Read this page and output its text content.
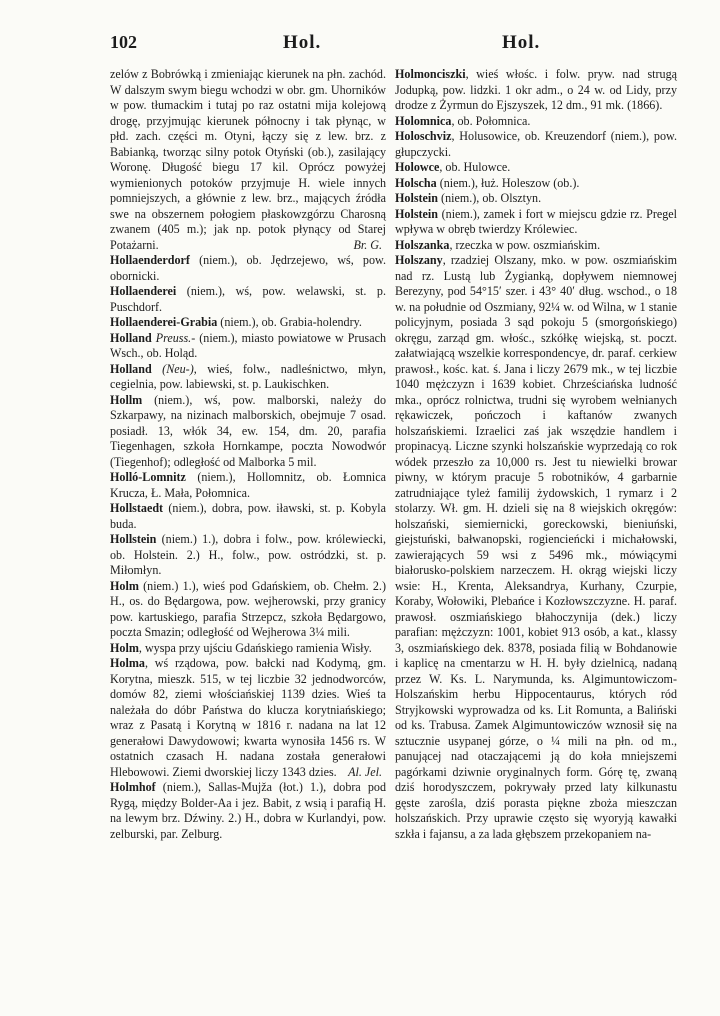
102	Hol.	Hol.

zelów z Bobrówką i zmieniając kierunek na płn. zachód. W dalszym swym biegu wchodzi w obr. gm. Uhorników w pow. tłumackim i tutaj po raz ostatni mija kolejową drogę, przyjmując kierunek północny i tak płynąc, w płd. zach. części m. Otyni, łączy się z lew. brz. z Babianką, tworząc silny potok Otyński (ob.), zasilający Woronę. Długość biegu 17 kil. Oprócz powyżej wymienionych potoków przyjmuje H. wiele innych pomniejszych, a głównie z lew. brz., mających źródła swe na obszernem połogiem płaskowzgórzu Charosną zwanem (405 m.); jak np. potok płynący od Starej Potażarni.	Br. G.

Hollaenderdorf (niem.), ob. Jędrzejewo, wś, pow. obornicki.

Hollaenderei (niem.), wś, pow. welawski, st. p. Puschdorf.

Hollaenderei-Grabia (niem.), ob. Grabia-holendry.

Holland Preuss.- (niem.), miasto powiatowe w Prusach Wsch., ob. Holąd.

Holland (Neu-), wieś, folw., nadleśnictwo, młyn, cegielnia, pow. labiewski, st. p. Laukischken.

Hollm (niem.), wś, pow. malborski, należy do Szkarpawy, na nizinach malborskich, obejmuje 7 osad. posiadł. 13, włók 34, ew. 154, dm. 20, parafia Tiegenhagen, szkoła Hornkampe, poczta Nowodwór (Tiegenhof); odległość od Malborka 5 mil.

Holló-Lomnitz (niem.), Hollomnitz, ob. Łomnica Krucza, Ł. Mała, Połomnica.

Hollstaedt (niem.), dobra, pow. iławski, st. p. Kobyla buda.

Hollstein (niem.) 1.), dobra i folw., pow. królewiecki, ob. Holstein. 2.) H., folw., pow. ostródzki, st. p. Miłomłyn.

Holm (niem.) 1.), wieś pod Gdańskiem, ob. Chełm. 2.) H., os. do Będargowa, pow. wejherowski, przy granicy pow. kartuskiego, parafia Strzepcz, szkoła Będargowo, poczta Smazin; odległość od Wejherowa 3¼ mili.

Holm, wyspa przy ujściu Gdańskiego ramienia Wisły.

Holma, wś rządowa, pow. bałcki nad Kodymą, gm. Korytna, mieszk. 515, w tej liczbie 32 jednodworców, domów 82, ziemi włościańskiej 1139 dzies. Wieś ta należała do dóbr Państwa do klucza korytniańskiego; wraz z Pasatą i Korytną w 1816 r. nadana na lat 12 generałowi Dawydowowi; kwarta wynosiła 1456 rs. W ostatnich czasach H. nadana została generałowi Hlebowowi. Ziemi dworskiej liczy 1343 dzies. Al. Jel.

Holmhof (niem.), Sallas-Mujža (łot.) 1.), dobra pod Rygą, między Bolder-Aa i jez. Babit, z wsią i parafią H. na lewym brz. Dźwiny. 2.) H., dobra w Kurlandyi, pow. zelburski, par. Zelburg.

Holmonciszki, wieś włośc. i folw. pryw. nad strugą Jodupką, pow. lidzki. 1 okr adm., o 24 w. od Lidy, przy drodze z Żyrmun do Ejszyszek, 12 dm., 91 mk. (1866).

Holomnica, ob. Połomnica.

Holoschviz, Holusowice, ob. Kreuzendorf (niem.), pow. głupczycki.

Holowce, ob. Hulowce.

Holscha (niem.), łuż. Holeszow (ob.).

Holstein (niem.), ob. Olsztyn.

Holstein (niem.), zamek i fort w miejscu gdzie rz. Pregel wpływa w obręb twierdzy Królewiec.

Holszanka, rzeczka w pow. oszmiańskim.

Holszany, rzadziej Olszany, mko. w pow. oszmiańskim nad rz. Lustą lub Żygianką, dopływem niemnowej Berezyny, pod 54°15′ szer. i 43° 40′ dług. wschod., o 18 w. na południe od Oszmiany, 92¼ w. od Wilna, w 1 stanie policyjnym, posiada 3 sąd pokoju 5 (smorgońskiego) okręgu, zarząd gm. włośc., szkółkę wiejską, st. poczt. załatwiającą wszelkie korrespondencye, dr. paraf. cerkiew prawosł., kośc. kat. ś. Jana i liczy 2679 mk., w tej liczbie 1040 mężczyzn i 1639 kobiet. Chrześciańska ludność mka., oprócz rolnictwa, trudni się wyrobem wełnianych rękawiczek, pończoch i kaftanów zwanych holszańskiemi. Izraelici zaś jak wszędzie handlem i propinacyą. Liczne szynki holszańskie wyprzedają co rok wódek przeszło za 10,000 rs. Jest tu niewielki browar piwny, w którym pracuje 5 robotników, 4 garbarnie zatrudniające tyleż familij żydowskich, 1 rymarz i 2 stolarzy. Wł. gm. H. dzieli się na 8 wiejskich okręgów: holszański, siemiernicki, goreckowski, bieniuński, giejstuński, bałwanopski, rogiencieńcki i michałowski, zawierających 59 wsi z 5496 mk., mówiącymi białorusko-polskiem narzeczem. H. okrąg wiejski liczy wsie: H., Krenta, Aleksandrya, Kurhany, Czurpie, Koraby, Wołowiki, Plebańce i Kozłowszczyzne. H. paraf. prawosł. oszmiańskiego błahoczynija (dek.) liczy parafian: mężczyzn: 1001, kobiet 913 osób, a kat., klassy 3, oszmiańskiego dek. 8378, posiada filią w Bohdanowie i kaplicę na cmentarzu w H. H. były dzielnicą, nadaną przez W. Ks. L. Narymunda, ks. Algimuntowiczom-Holszańskim herbu Hippocentaurus, których ród Stryjkowski wyprowadza od ks. Lit Romunta, a Baliński od ks. Trabusa. Zamek Algimuntowiczów wznosił się na sztucznie usypanej górze, o ¼ mili na płn. od m., panującej nad otaczającemi ją do koła mniejszemi pagórkami dziwnie oryginalnych form. Górę tę, zwaną dziś horodyszczem, pokrywały przed laty kilkunastu gęste zarośla, dziś porasta piękne zboża mieszczan holszańskich. Przy uprawie często się wyoryją kawałki szkła i fajansu, a za lada głębszem przekopaniem na-
